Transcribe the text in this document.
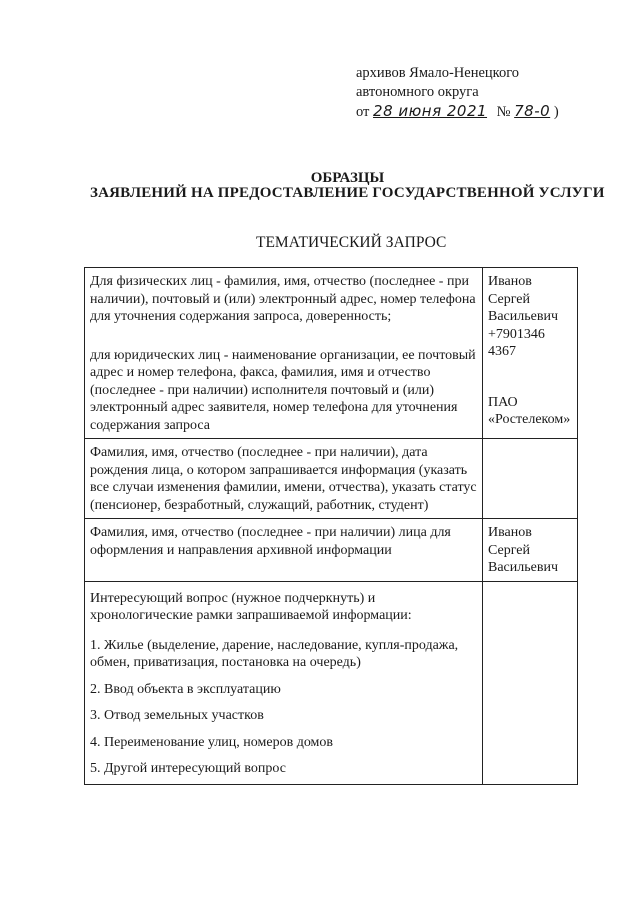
архивов Ямало-Ненецкого
автономного округа
от 28 июня 2021 № 78-0 )
ОБРАЗЦЫ
ЗАЯВЛЕНИЙ НА ПРЕДОСТАВЛЕНИЕ ГОСУДАРСТВЕННОЙ УСЛУГИ
ТЕМАТИЧЕСКИЙ ЗАПРОС
Для физических лиц - фамилия, имя, отчество (последнее - при наличии), почтовый и (или) электронный адрес, номер телефона для уточнения содержания запроса, доверенность;
для юридических лиц - наименование организации, ее почтовый адрес и номер телефона, факса, фамилия, имя и отчество (последнее - при наличии) исполнителя почтовый и (или) электронный адрес заявителя, номер телефона для уточнения содержания запроса
Иванов Сергей Васильевич +7901346 4367
ПАО «Ростелеком»
Фамилия, имя, отчество (последнее - при наличии), дата рождения лица, о котором запрашивается информация (указать все случаи изменения фамилии, имени, отчества), указать статус (пенсионер, безработный, служащий, работник, студент)
Фамилия, имя, отчество (последнее - при наличии) лица для оформления и направления архивной информации
Иванов Сергей Васильевич
Интересующий вопрос (нужное подчеркнуть) и хронологические рамки запрашиваемой информации:
1. Жилье (выделение, дарение, наследование, купля-продажа, обмен, приватизация, постановка на очередь)
2. Ввод объекта в эксплуатацию
3. Отвод земельных участков
4. Переименование улиц, номеров домов
5. Другой интересующий вопрос
